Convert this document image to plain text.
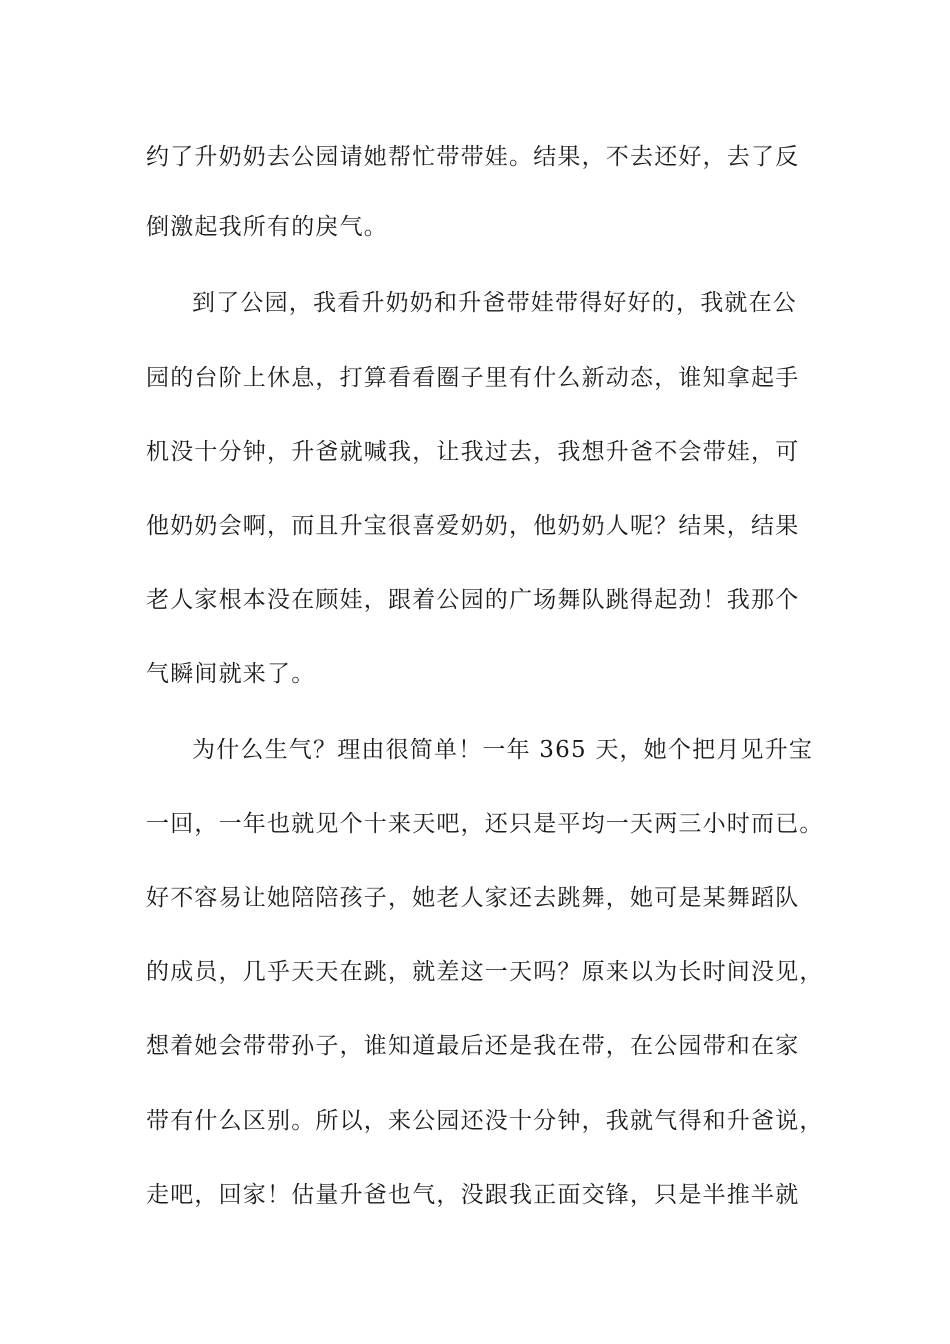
约了升奶奶去公园请她帮忙带带娃。结果，不去还好，去了反
倒激起我所有的戾气。
到了公园，我看升奶奶和升爸带娃带得好好的，我就在公
园的台阶上休息，打算看看圈子里有什么新动态，谁知拿起手
机没十分钟，升爸就喊我，让我过去，我想升爸不会带娃，可
他奶奶会啊，而且升宝很喜爱奶奶，他奶奶人呢？结果，结果
老人家根本没在顾娃，跟着公园的广场舞队跳得起劲！我那个
气瞬间就来了。
为什么生气？理由很简单！一年 365 天，她个把月见升宝
一回，一年也就见个十来天吧，还只是平均一天两三小时而已。
好不容易让她陪陪孩子，她老人家还去跳舞，她可是某舞蹈队
的成员，几乎天天在跳，就差这一天吗？原来以为长时间没见，
想着她会带带孙子，谁知道最后还是我在带，在公园带和在家
带有什么区别。所以，来公园还没十分钟，我就气得和升爸说，
走吧，回家！估量升爸也气，没跟我正面交锋，只是半推半就
